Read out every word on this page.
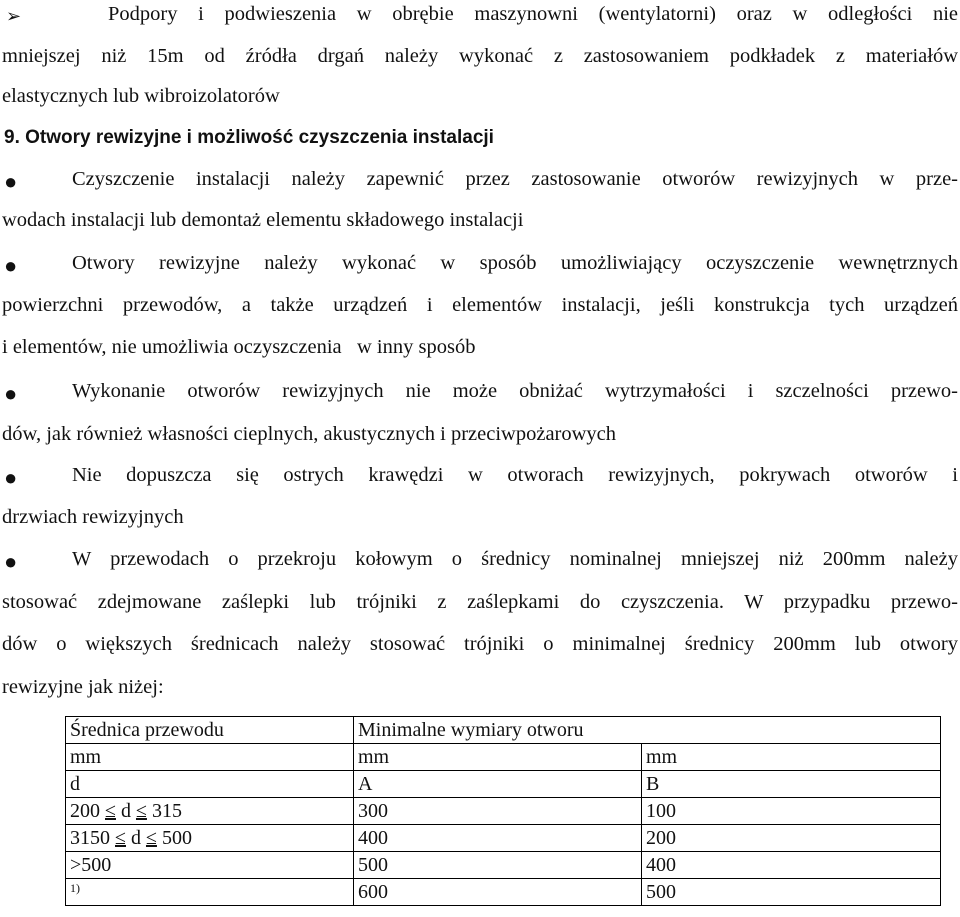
➢	Podpory i podwieszenia w obrębie maszynowni (wentylatorni) oraz w odległości nie
mniejszej niż 15m od źródła drgań należy wykonać z zastosowaniem podkładek z materiałów
elastycznych lub wibroizolatorów
9. Otwory rewizyjne i możliwość czyszczenia instalacji
●	Czyszczenie instalacji należy zapewnić przez zastosowanie otworów rewizyjnych w prze-
wodach instalacji lub demontaż elementu składowego instalacji
●	Otwory rewizyjne należy wykonać w sposób umożliwiający oczyszczenie wewnętrznych
powierzchni przewodów, a także urządzeń i elementów instalacji, jeśli konstrukcja tych urządzeń
i elementów, nie umożliwia oczyszczenia   w inny sposób
●	Wykonanie otworów rewizyjnych nie może obniżać wytrzymałości i szczelności przewo-
dów, jak również własności cieplnych, akustycznych i przeciwpożarowych
●	Nie dopuszcza się ostrych krawędzi w otworach rewizyjnych, pokrywach otworów i
drzwiach rewizyjnych
●	W przewodach o przekroju kołowym o średnicy nominalnej mniejszej niż 200mm należy
stosować zdejmowane zaślepki lub trójniki z zaślepkami do czyszczenia. W przypadku przewo-
dów o większych średnicach należy stosować trójniki o minimalnej średnicy 200mm lub otwory
rewizyjne jak niżej:
Średnica przewodu	Minimalne wymiary otworu	
mm	mm	mm
d	A	B
200 ≤ d ≤ 315	300	100
3150 ≤ d ≤ 500	400	200
>500	500	400
$^{1)}$	600	500
